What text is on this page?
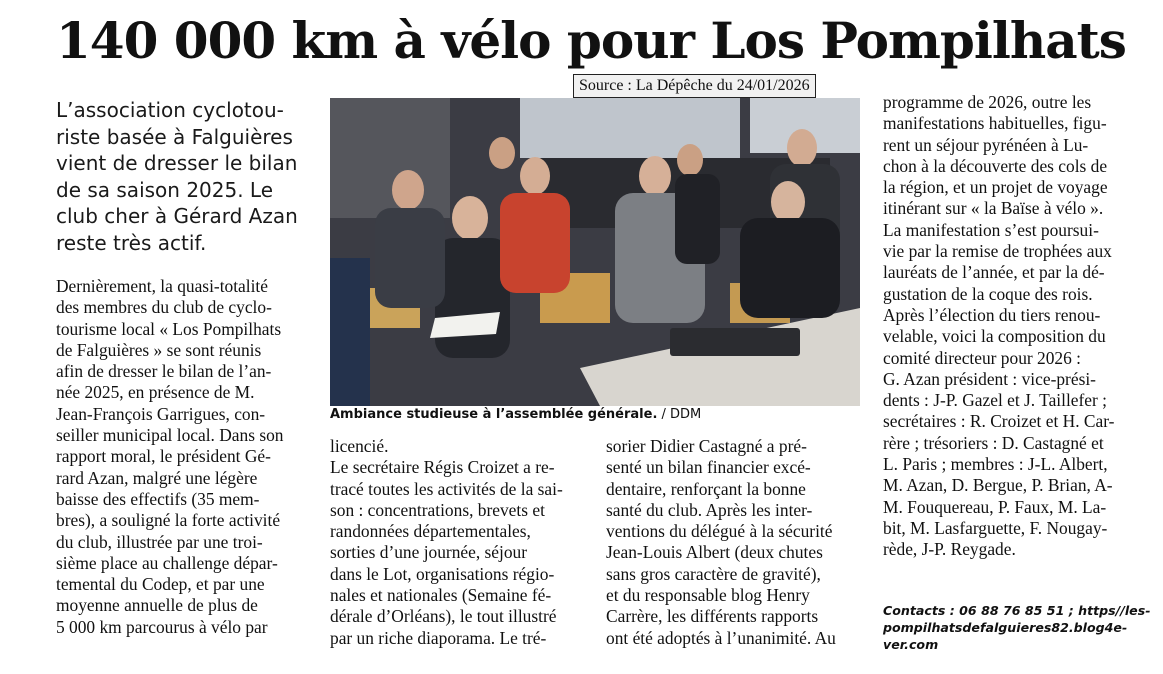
140 000 km à vélo pour Los Pompilhats
Source : La Dépêche du 24/01/2026
L’association cyclotou-
riste basée à Falguières
vient de dresser le bilan
de sa saison 2025. Le
club cher à Gérard Azan
reste très actif.
Dernièrement, la quasi-totalité
des membres du club de cyclo-
tourisme local « Los Pompilhats
de Falguières » se sont réunis
afin de dresser le bilan de l’an-
née 2025, en présence de M.
Jean-François Garrigues, con-
seiller municipal local. Dans son
rapport moral, le président Gé-
rard Azan, malgré une légère
baisse des effectifs (35 mem-
bres), a souligné la forte activité
du club, illustrée par une troi-
sième place au challenge dépar-
temental du Codep, et par une
moyenne annuelle de plus de
5 000 km parcourus à vélo par
Ambiance studieuse à l’assemblée générale. / DDM
licencié.
Le secrétaire Régis Croizet a re-
tracé toutes les activités de la sai-
son : concentrations, brevets et
randonnées départementales,
sorties d’une journée, séjour
dans le Lot, organisations régio-
nales et nationales (Semaine fé-
dérale d’Orléans), le tout illustré
par un riche diaporama. Le tré-
sorier Didier Castagné a pré-
senté un bilan financier excé-
dentaire, renforçant la bonne
santé du club. Après les inter-
ventions du délégué à la sécurité
Jean-Louis Albert (deux chutes
sans gros caractère de gravité),
et du responsable blog Henry
Carrère, les différents rapports
ont été adoptés à l’unanimité. Au
programme de 2026, outre les
manifestations habituelles, figu-
rent un séjour pyrénéen à Lu-
chon à la découverte des cols de
la région, et un projet de voyage
itinérant sur « la Baïse à vélo ».
La manifestation s’est poursui-
vie par la remise de trophées aux
lauréats de l’année, et par la dé-
gustation de la coque des rois.
Après l’élection du tiers renou-
velable, voici la composition du
comité directeur pour 2026 :
G. Azan président : vice-prési-
dents : J-P. Gazel et J. Taillefer ;
secrétaires : R. Croizet et H. Car-
rère ; trésoriers : D. Castagné et
L. Paris ; membres : J-L. Albert,
M. Azan, D. Bergue, P. Brian, A-
M. Fouquereau, P. Faux, M. La-
bit, M. Lasfarguette, F. Nougay-
rède, J-P. Reygade.
Contacts : 06 88 76 85 51 ; https//les-
pompilhatsdefalguieres82.blog4e-
ver.com
